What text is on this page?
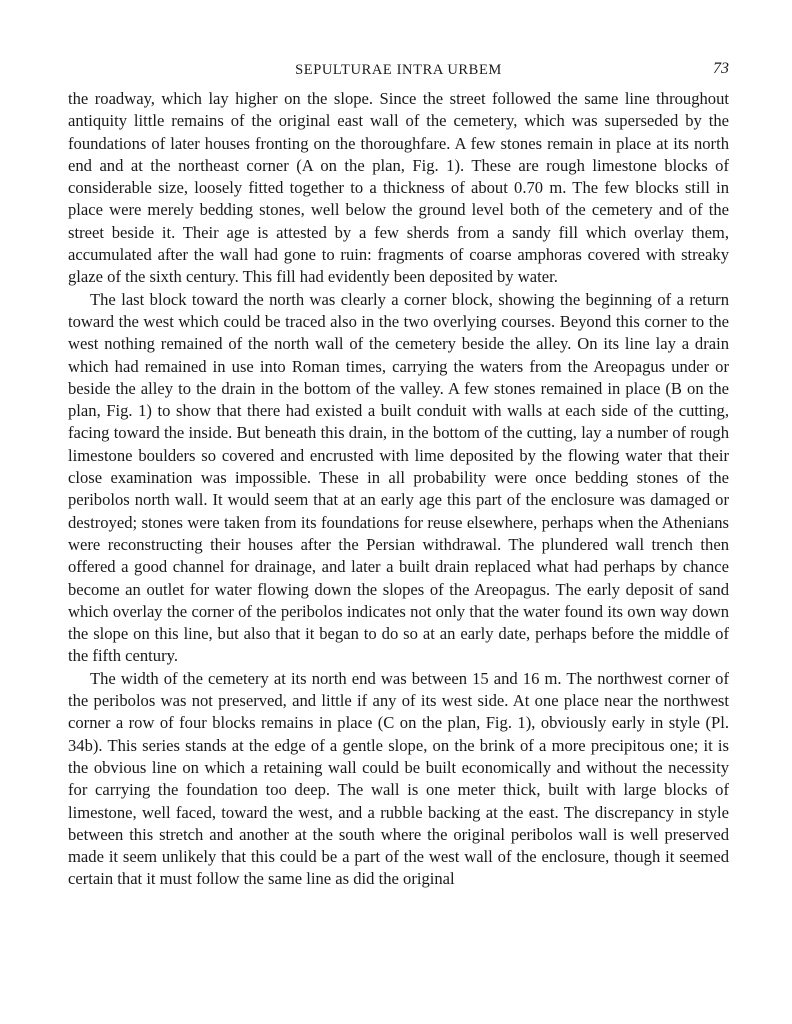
SEPULTURAE INTRA URBEM	73

the roadway, which lay higher on the slope. Since the street followed the same line throughout antiquity little remains of the original east wall of the cemetery, which was superseded by the foundations of later houses fronting on the thoroughfare. A few stones remain in place at its north end and at the northeast corner (A on the plan, Fig. 1). These are rough limestone blocks of considerable size, loosely fitted together to a thickness of about 0.70 m. The few blocks still in place were merely bedding stones, well below the ground level both of the cemetery and of the street beside it. Their age is attested by a few sherds from a sandy fill which overlay them, accumulated after the wall had gone to ruin: fragments of coarse amphoras covered with streaky glaze of the sixth century. This fill had evidently been deposited by water.

The last block toward the north was clearly a corner block, showing the beginning of a return toward the west which could be traced also in the two overlying courses. Beyond this corner to the west nothing remained of the north wall of the cemetery beside the alley. On its line lay a drain which had remained in use into Roman times, carrying the waters from the Areopagus under or beside the alley to the drain in the bottom of the valley. A few stones remained in place (B on the plan, Fig. 1) to show that there had existed a built conduit with walls at each side of the cutting, facing toward the inside. But beneath this drain, in the bottom of the cutting, lay a number of rough limestone boulders so covered and encrusted with lime deposited by the flowing water that their close examination was impossible. These in all probability were once bedding stones of the peribolos north wall. It would seem that at an early age this part of the enclosure was damaged or destroyed; stones were taken from its foundations for reuse elsewhere, perhaps when the Athenians were reconstructing their houses after the Persian withdrawal. The plundered wall trench then offered a good channel for drainage, and later a built drain replaced what had perhaps by chance become an outlet for water flowing down the slopes of the Areopagus. The early deposit of sand which overlay the corner of the peribolos indicates not only that the water found its own way down the slope on this line, but also that it began to do so at an early date, perhaps before the middle of the fifth century.

The width of the cemetery at its north end was between 15 and 16 m. The northwest corner of the peribolos was not preserved, and little if any of its west side. At one place near the northwest corner a row of four blocks remains in place (C on the plan, Fig. 1), obviously early in style (Pl. 34b). This series stands at the edge of a gentle slope, on the brink of a more precipitous one; it is the obvious line on which a retaining wall could be built economically and without the necessity for carrying the foundation too deep. The wall is one meter thick, built with large blocks of limestone, well faced, toward the west, and a rubble backing at the east. The discrepancy in style between this stretch and another at the south where the original peribolos wall is well preserved made it seem unlikely that this could be a part of the west wall of the enclosure, though it seemed certain that it must follow the same line as did the original
